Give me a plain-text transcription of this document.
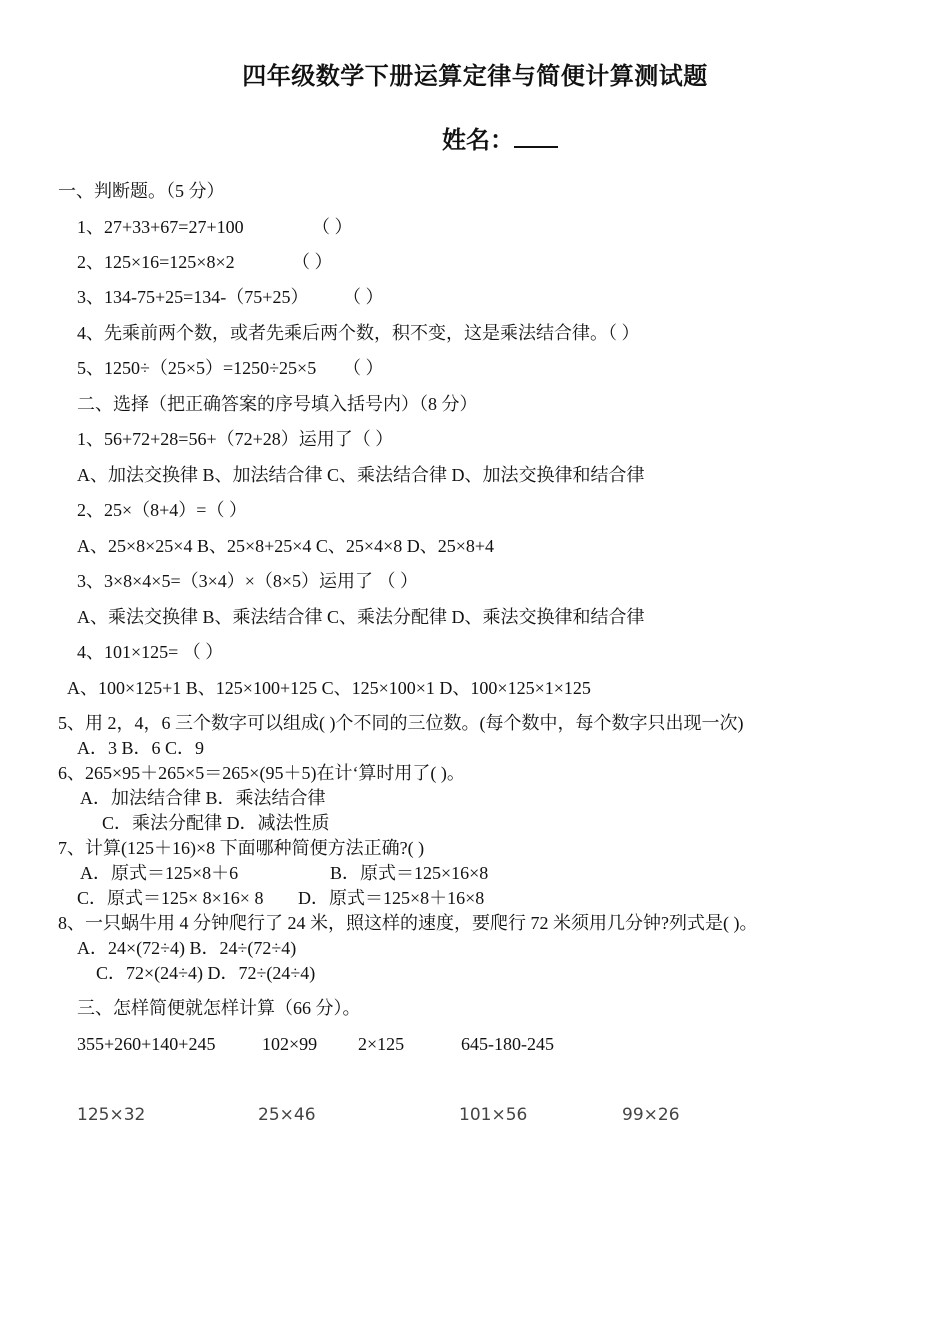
四年级数学下册运算定律与简便计算测试题
姓名：
一、判断题。（5 分）
1、27+33+67=27+100	（ ）
2、125×16=125×8×2	（ ）
3、134-75+25=134-（75+25） （ ）
4、先乘前两个数，或者先乘后两个数，积不变，这是乘法结合律。（ ）
5、1250÷（25×5）=1250÷25×5 （ ）
二、选择（把正确答案的序号填入括号内）（8 分）
1、56+72+28=56+（72+28）运用了（ ）
A、加法交换律 B、加法结合律 C、乘法结合律 D、加法交换律和结合律
2、25×（8+4）=（ ）
A、25×8×25×4 B、25×8+25×4 C、25×4×8 D、25×8+4
3、3×8×4×5=（3×4）×（8×5）运用了 （ ）
A、乘法交换律 B、乘法结合律 C、乘法分配律 D、乘法交换律和结合律
4、101×125= （ ）
A、100×125+1 B、125×100+125 C、125×100×1 D、100×125×1×125
5、用 2，4，6 三个数字可以组成( )个不同的三位数。(每个数中，每个数字只出现一次)
A．3 B．6 C．9
6、265×95＋265×5＝265×(95＋5)在计‘算时用了( )。
A．加法结合律 B．乘法结合律
C．乘法分配律 D．减法性质
7、计算(125＋16)×8 下面哪种简便方法正确?( )
A．原式＝125×8＋6	B．原式＝125×16×8
C．原式＝125× 8×16× 8 D．原式＝125×8＋16×8
8、一只蜗牛用 4 分钟爬行了 24 米，照这样的速度，要爬行 72 米须用几分钟?列式是( )。
A．24×(72÷4) B．24÷(72÷4)
C．72×(24÷4) D．72÷(24÷4)
三、怎样简便就怎样计算（66 分）。
355+260+140+245	102×99 2×125	645-180-245
125×32	25×46	101×56	99×26
